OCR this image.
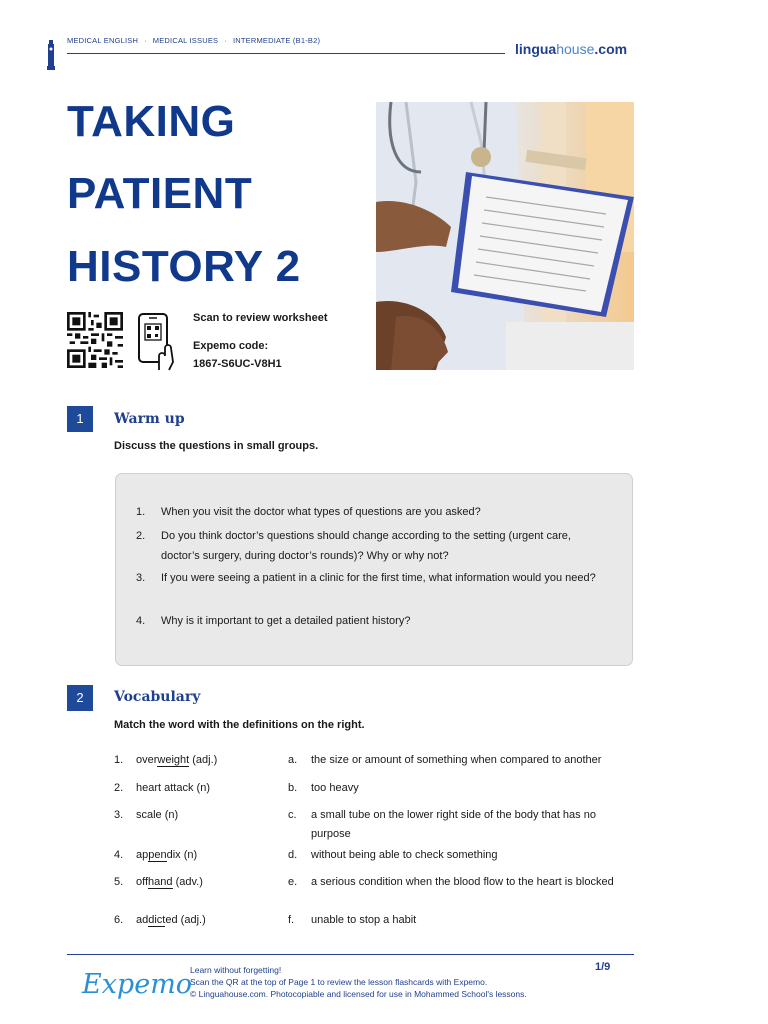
MEDICAL ENGLISH · MEDICAL ISSUES · INTERMEDIATE (B1-B2)
linguahouse.com
TAKING
PATIENT
HISTORY 2
Scan to review worksheet
Expemo code:
1867-S6UC-V8H1
1	Warm up
Discuss the questions in small groups.
1. When you visit the doctor what types of questions are you asked?
2. Do you think doctor’s questions should change according to the setting (urgent care, doctor’s surgery, during doctor’s rounds)? Why or why not?
3. If you were seeing a patient in a clinic for the first time, what information would you need?
4. Why is it important to get a detailed patient history?
2	Vocabulary
Match the word with the definitions on the right.
1. overweight (adj.)	a. the size or amount of something when compared to another
2. heart attack (n)	b. too heavy
3. scale (n)	c. a small tube on the lower right side of the body that has no purpose
4. appendix (n)	d. without being able to check something
5. offhand (adv.)	e. a serious condition when the blood flow to the heart is blocked
6. addicted (adj.)	f. unable to stop a habit
Expemo
Learn without forgetting!
Scan the QR at the top of Page 1 to review the lesson flashcards with Expemo.
© Linguahouse.com. Photocopiable and licensed for use in Mohammed School's lessons.
1/9
